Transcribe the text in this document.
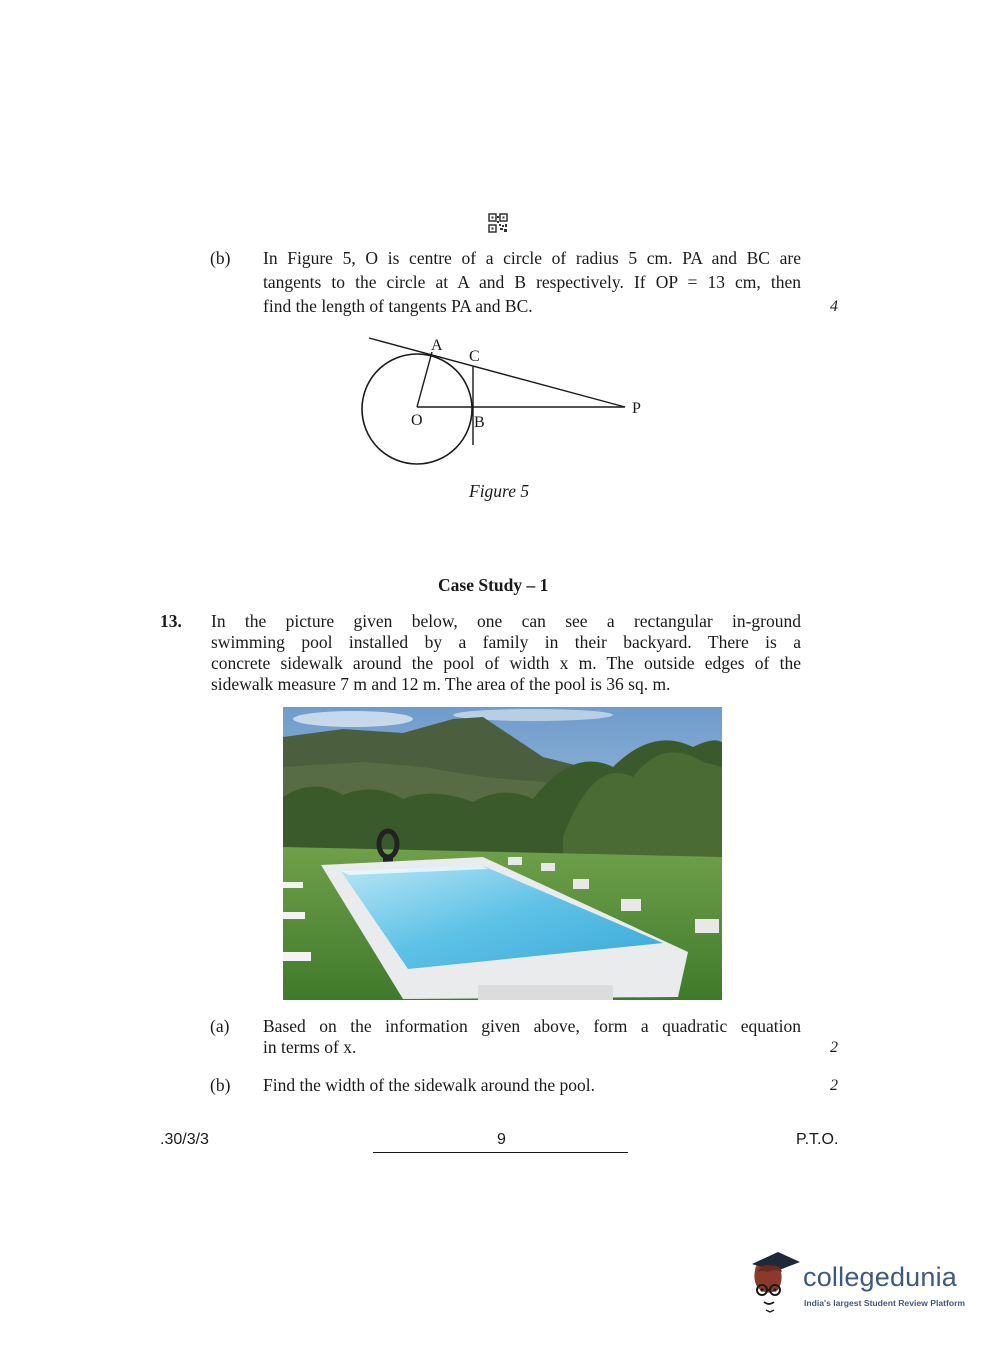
(b) In Figure 5, O is centre of a circle of radius 5 cm. PA and BC are
tangents to the circle at A and B respectively. If OP = 13 cm, then
find the length of tangents PA and BC.	4
A
C
O	B
P
Figure 5
Case Study – 1
13. In the picture given below, one can see a rectangular in-ground
swimming pool installed by a family in their backyard. There is a
concrete sidewalk around the pool of width x m. The outside edges of the
sidewalk measure 7 m and 12 m. The area of the pool is 36 sq. m.
(a) Based on the information given above, form a quadratic equation
in terms of x.	2
(b) Find the width of the sidewalk around the pool.	2
.30/3/3	9	P.T.O.
collegedunia
India's largest Student Review Platform
